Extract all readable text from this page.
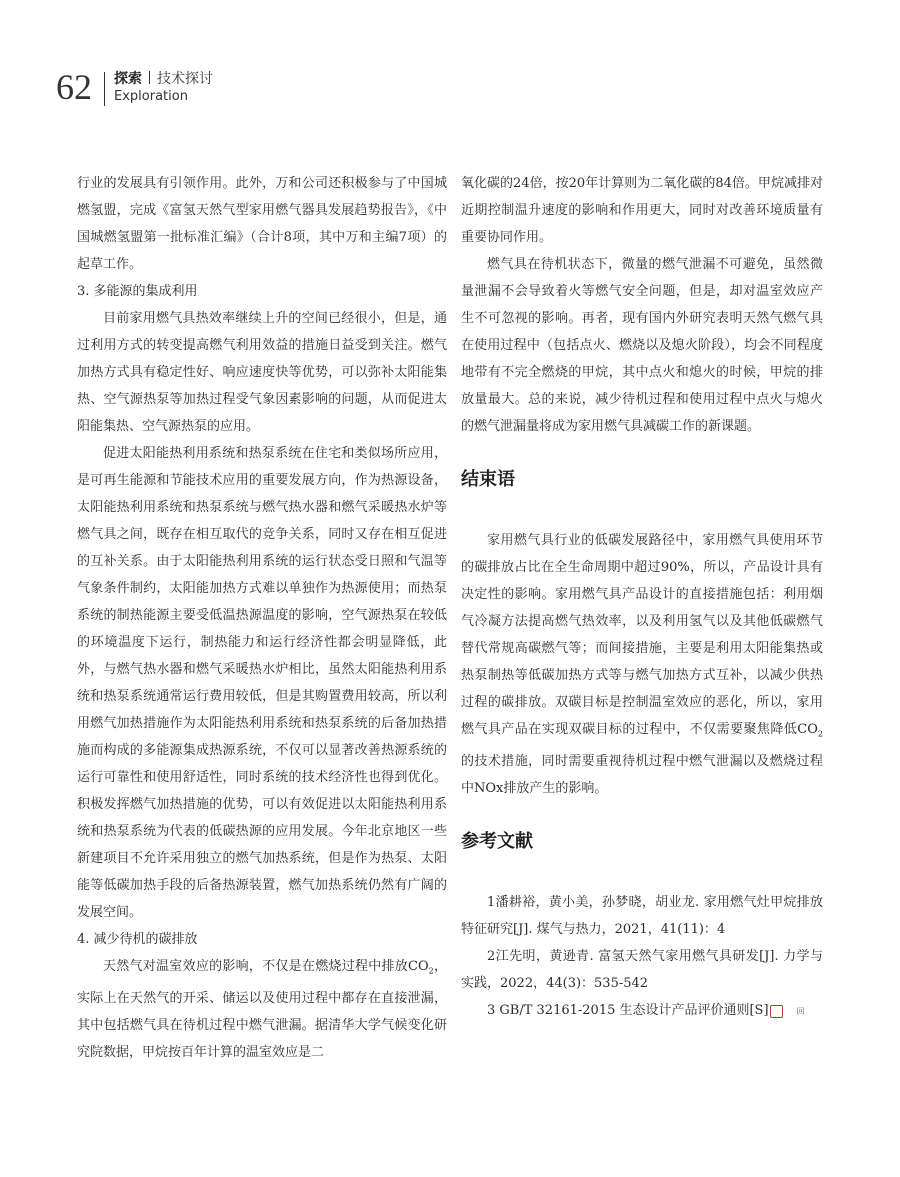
62 探索 技术探讨
Exploration

行业的发展具有引领作用。此外，万和公司还积极参与了中国城燃氢盟，完成《富氢天然气型家用燃气器具发展趋势报告》，《中国城燃氢盟第一批标准汇编》（合计8项，其中万和主编7项）的起草工作。

3. 多能源的集成利用

目前家用燃气具热效率继续上升的空间已经很小，但是，通过利用方式的转变提高燃气利用效益的措施日益受到关注。燃气加热方式具有稳定性好、响应速度快等优势，可以弥补太阳能集热、空气源热泵等加热过程受气象因素影响的问题，从而促进太阳能集热、空气源热泵的应用。

促进太阳能热利用系统和热泵系统在住宅和类似场所应用，是可再生能源和节能技术应用的重要发展方向，作为热源设备，太阳能热利用系统和热泵系统与燃气热水器和燃气采暖热水炉等燃气具之间，既存在相互取代的竞争关系，同时又存在相互促进的互补关系。由于太阳能热利用系统的运行状态受日照和气温等气象条件制约，太阳能加热方式难以单独作为热源使用；而热泵系统的制热能源主要受低温热源温度的影响，空气源热泵在较低的环境温度下运行，制热能力和运行经济性都会明显降低，此外，与燃气热水器和燃气采暖热水炉相比，虽然太阳能热利用系统和热泵系统通常运行费用较低，但是其购置费用较高，所以利用燃气加热措施作为太阳能热利用系统和热泵系统的后备加热措施而构成的多能源集成热源系统，不仅可以显著改善热源系统的运行可靠性和使用舒适性，同时系统的技术经济性也得到优化。积极发挥燃气加热措施的优势，可以有效促进以太阳能热利用系统和热泵系统为代表的低碳热源的应用发展。今年北京地区一些新建项目不允许采用独立的燃气加热系统，但是作为热泵、太阳能等低碳加热手段的后备热源装置，燃气加热系统仍然有广阔的发展空间。

4. 减少待机的碳排放

天然气对温室效应的影响，不仅是在燃烧过程中排放$CO_2$，实际上在天然气的开采、储运以及使用过程中都存在直接泄漏，其中包括燃气具在待机过程中燃气泄漏。据清华大学气候变化研究院数据，甲烷按百年计算的温室效应是二

氧化碳的24倍，按20年计算则为二氧化碳的84倍。甲烷减排对近期控制温升速度的影响和作用更大，同时对改善环境质量有重要协同作用。

燃气具在待机状态下，微量的燃气泄漏不可避免，虽然微量泄漏不会导致着火等燃气安全问题，但是，却对温室效应产生不可忽视的影响。再者，现有国内外研究表明天然气燃气具在使用过程中（包括点火、燃烧以及熄火阶段），均会不同程度地带有不完全燃烧的甲烷，其中点火和熄火的时候，甲烷的排放量最大。总的来说，减少待机过程和使用过程中点火与熄火的燃气泄漏量将成为家用燃气具减碳工作的新课题。

结束语

家用燃气具行业的低碳发展路径中，家用燃气具使用环节的碳排放占比在全生命周期中超过90%，所以，产品设计具有决定性的影响。家用燃气具产品设计的直接措施包括：利用烟气冷凝方法提高燃气热效率，以及利用氢气以及其他低碳燃气替代常规高碳燃气等；而间接措施，主要是利用太阳能集热或热泵制热等低碳加热方式等与燃气加热方式互补，以减少供热过程的碳排放。双碳目标是控制温室效应的恶化，所以，家用燃气具产品在实现双碳目标的过程中，不仅需要聚焦降低$CO_2$的技术措施，同时需要重视待机过程中燃气泄漏以及燃烧过程中NOx排放产生的影响。

参考文献

1潘耕裕，黄小美，孙梦晓，胡业龙. 家用燃气灶甲烷排放特征研究[J]. 煤气与热力，2021，41(11)：4

2江先明，黄逊青. 富氢天然气家用燃气具研发[J]. 力学与实践，2022，44(3)：535-542

3 GB/T 32161-2015 生态设计产品评价通则[S]	回
